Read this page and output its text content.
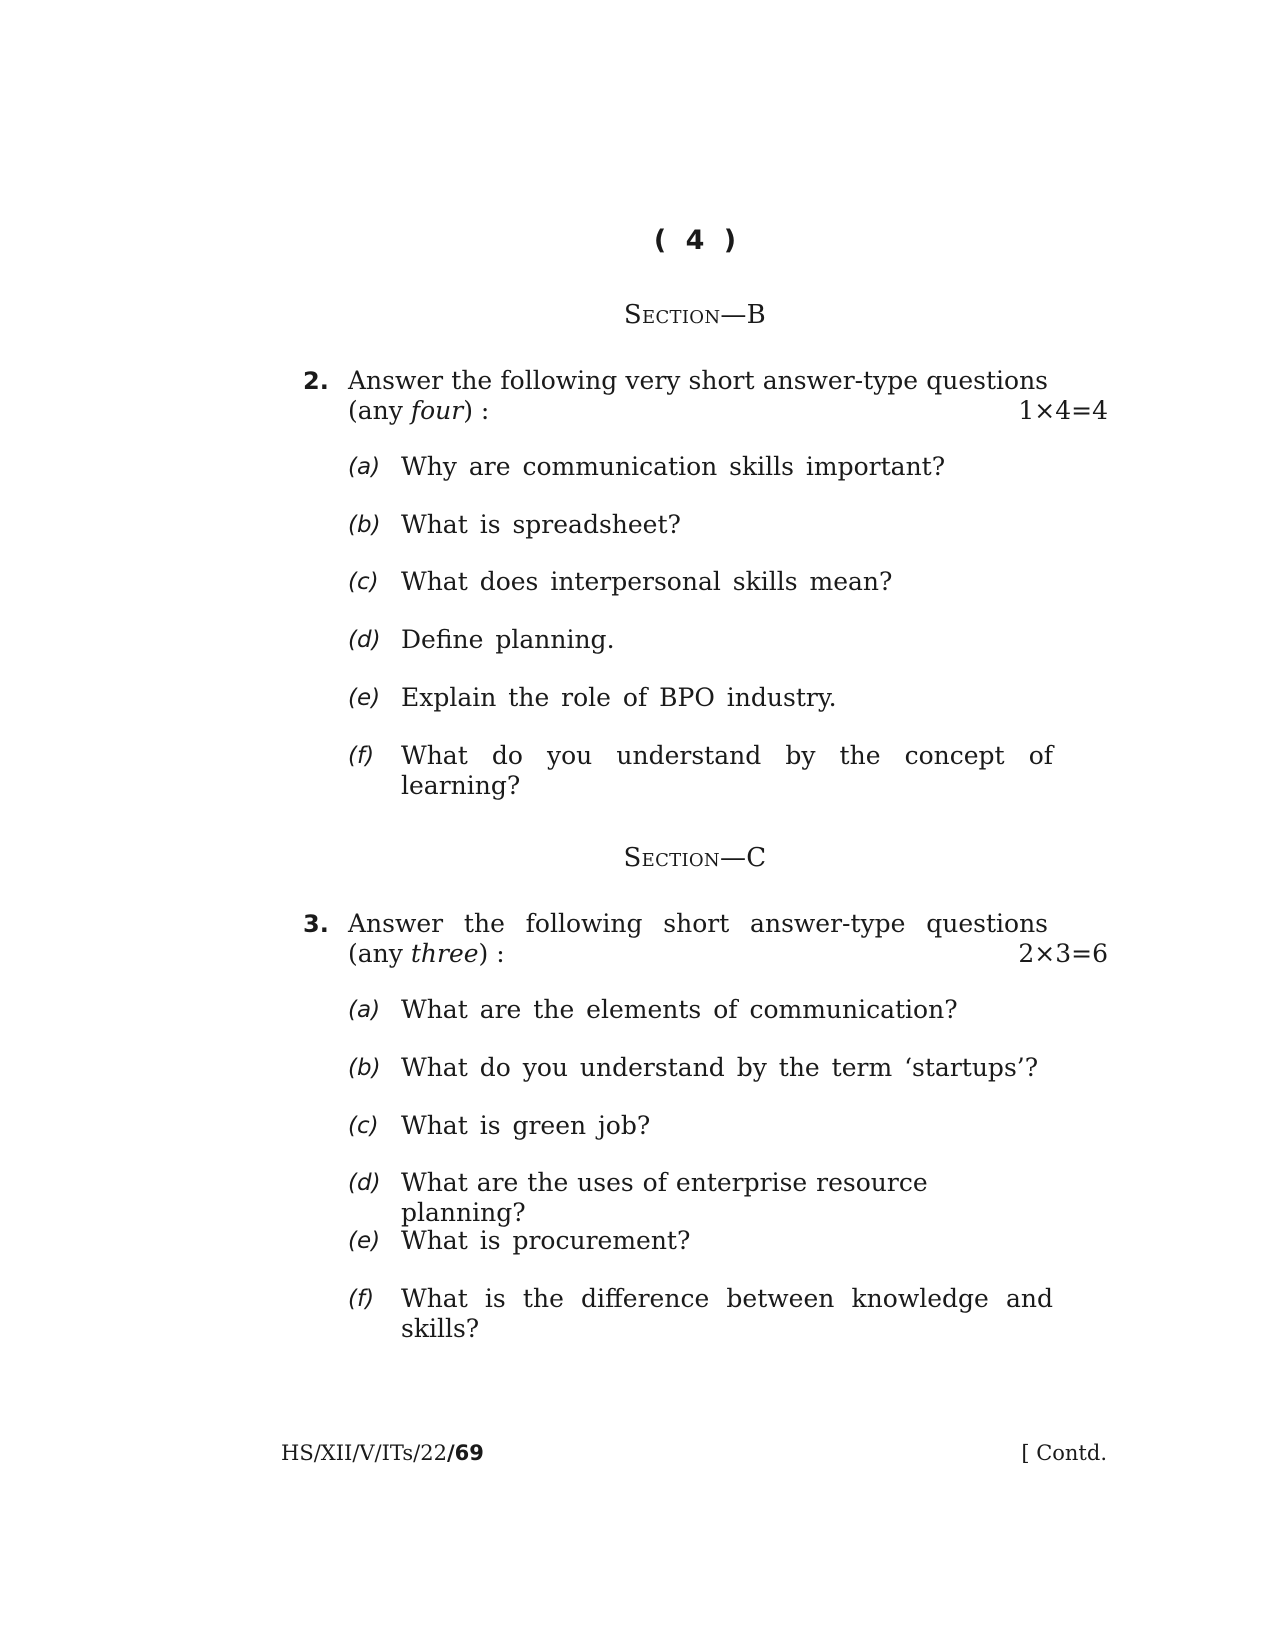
( 4 )
Section—B
2. Answer the following very short answer-type questions
(any four) :	1×4=4
(a) Why are communication skills important?
(b) What is spreadsheet?
(c) What does interpersonal skills mean?
(d) Define planning.
(e) Explain the role of BPO industry.
(f) What do you understand by the concept of learning?
Section—C
3. Answer the following short answer-type questions
(any three) :	2×3=6
(a) What are the elements of communication?
(b) What do you understand by the term ‘startups’?
(c) What is green job?
(d) What are the uses of enterprise resource planning?
(e) What is procurement?
(f) What is the difference between knowledge and skills?
HS/XII/V/ITs/22/69	[ Contd.
